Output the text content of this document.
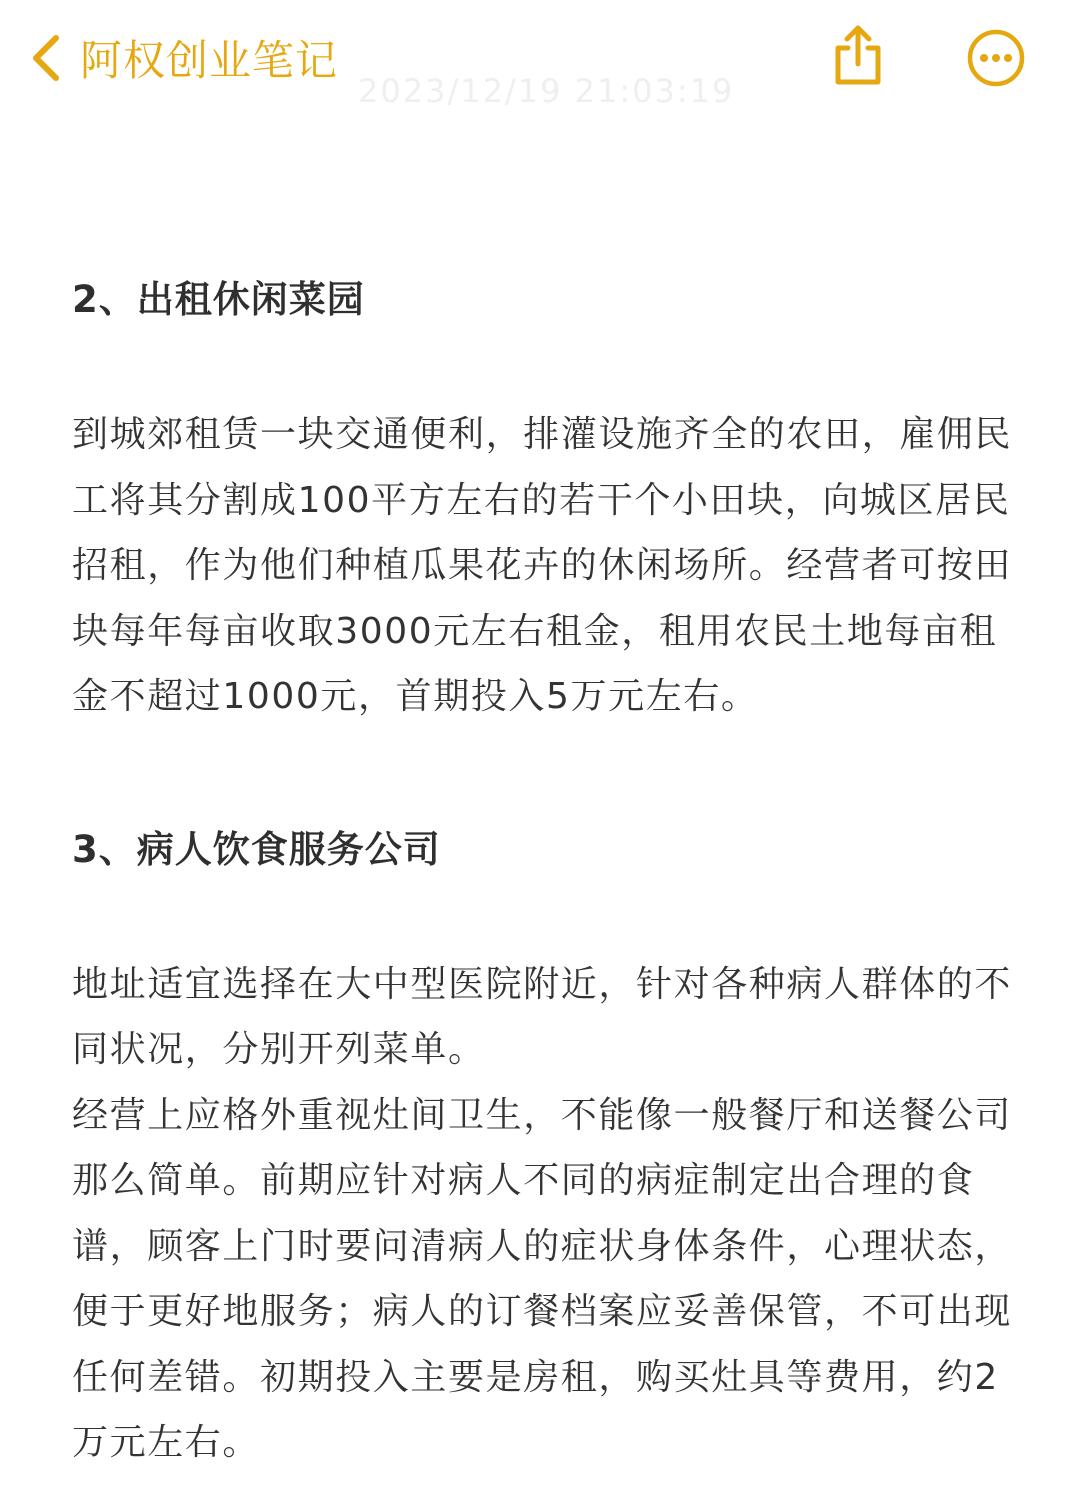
阿权创业笔记
2023/12/19 21:03:19
2、出租休闲菜园

到城郊租赁一块交通便利，排灌设施齐全的农田，雇佣民工将其分割成100平方左右的若干个小田块，向城区居民招租，作为他们种植瓜果花卉的休闲场所。经营者可按田块每年每亩收取3000元左右租金，租用农民土地每亩租金不超过1000元，首期投入5万元左右。

3、病人饮食服务公司

地址适宜选择在大中型医院附近，针对各种病人群体的不同状况，分别开列菜单。

经营上应格外重视灶间卫生，不能像一般餐厅和送餐公司那么简单。前期应针对病人不同的病症制定出合理的食谱，顾客上门时要问清病人的症状身体条件，心理状态，便于更好地服务；病人的订餐档案应妥善保管，不可出现任何差错。初期投入主要是房租，购买灶具等费用，约2万元左右。
